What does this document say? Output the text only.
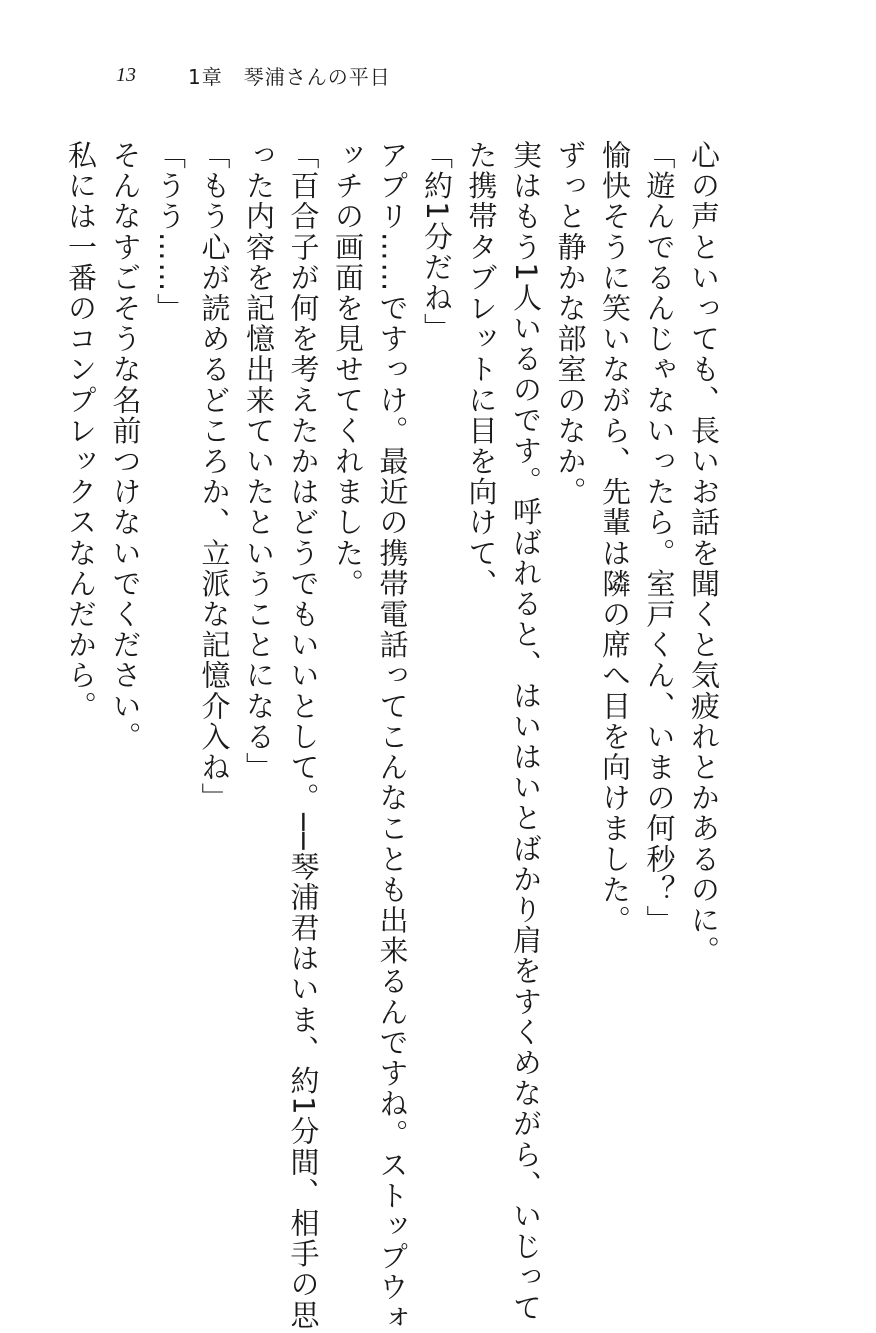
13	1章　琴浦さんの平日
心の声といっても、長いお話を聞くと気疲れとかあるのに。
「遊んでるんじゃないったら。室戸くん、いまの何秒？」
愉快そうに笑いながら、先輩は隣の席へ目を向けました。
ずっと静かな部室のなか。
実はもう1人いるのです。呼ばれると、はいはいとばかり肩をすくめながら、いじって
た携帯タブレットに目を向けて、
「約1分だね」
アプリ……ですっけ。最近の携帯電話ってこんなことも出来るんですね。ストップウォ
ッチの画面を見せてくれました。
「百合子が何を考えたかはどうでもいいとして。──琴浦君はいま、約1分間、相手の思
った内容を記憶出来ていたということになる」
「もう心が読めるどころか、立派な記憶介入ね」
「うう……」
そんなすごそうな名前つけないでください。
私には一番のコンプレックスなんだから。
